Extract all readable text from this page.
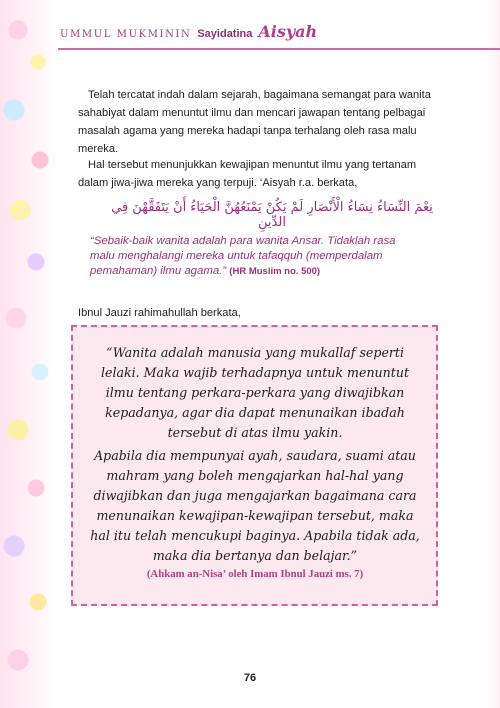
UMMUL MUKMININ Sayidatina Aisyah

Telah tercatat indah dalam sejarah, bagaimana semangat para wanita sahabiyat dalam menuntut ilmu dan mencari jawapan tentang pelbagai masalah agama yang mereka hadapi tanpa terhalang oleh rasa malu mereka.

Hal tersebut menunjukkan kewajipan menuntut ilmu yang tertanam dalam jiwa-jiwa mereka yang terpuji. ‘Aisyah r.a. berkata,

نِعْمَ النِّسَاءُ نِسَاءُ الْأَنْصَارِ لَمْ يَكُنْ يَمْنَعُهُنَّ الْحَيَاءُ أَنْ يَتَفَقَّهْنَ فِي الدِّينِ
“Sebaik-baik wanita adalah para wanita Ansar. Tidaklah rasa malu menghalangi mereka untuk tafaqquh (memperdalam pemahaman) ilmu agama.” (HR Muslim no. 500)

Ibnul Jauzi rahimahullah berkata,

“Wanita adalah manusia yang mukallaf seperti lelaki. Maka wajib terhadapnya untuk menuntut ilmu tentang perkara-perkara yang diwajibkan kepadanya, agar dia dapat menunaikan ibadah tersebut di atas ilmu yakin.

Apabila dia mempunyai ayah, saudara, suami atau mahram yang boleh mengajarkan hal-hal yang diwajibkan dan juga mengajarkan bagaimana cara menunaikan kewajipan-kewajipan tersebut, maka hal itu telah mencukupi baginya. Apabila tidak ada, maka dia bertanya dan belajar.”

(Ahkam an-Nisa’ oleh Imam Ibnul Jauzi ms. 7)
76
